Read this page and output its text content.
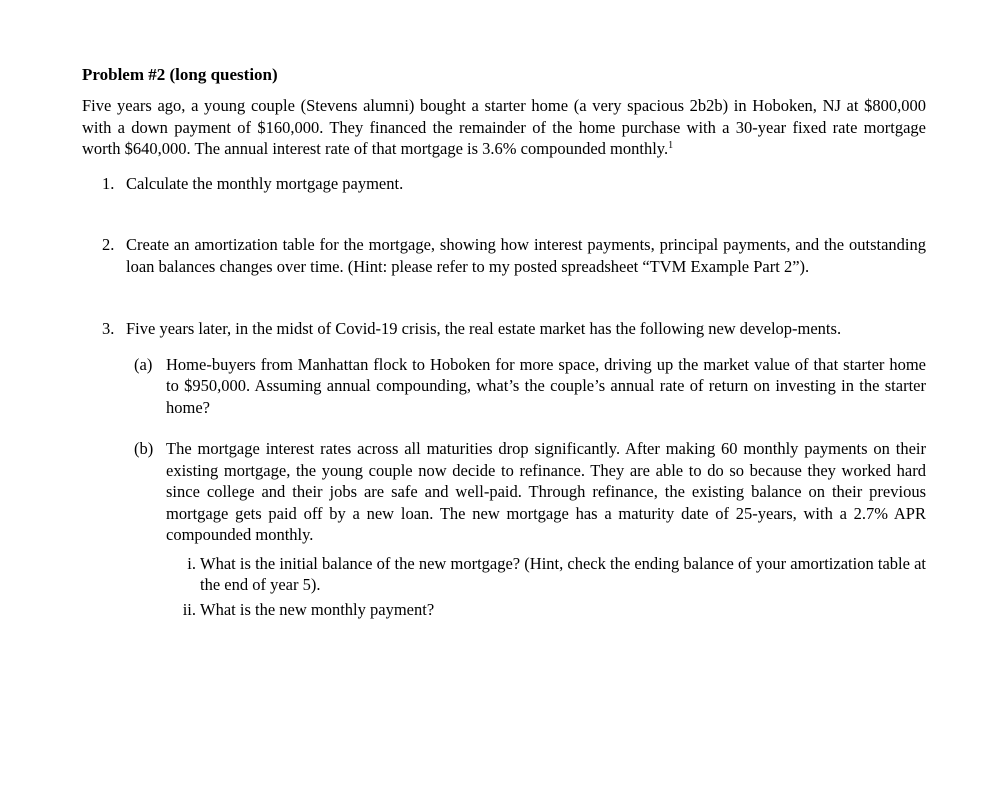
Problem #2 (long question)

Five years ago, a young couple (Stevens alumni) bought a starter home (a very spacious 2b2b) in Hoboken, NJ at $800,000 with a down payment of $160,000. They financed the remainder of the home purchase with a 30-year fixed rate mortgage worth $640,000. The annual interest rate of that mortgage is 3.6% compounded monthly.$^1$

1. Calculate the monthly mortgage payment.
2. Create an amortization table for the mortgage, showing how interest payments, principal payments, and the outstanding loan balances changes over time. (Hint: please refer to my posted spreadsheet “TVM Example Part 2”).
3. Five years later, in the midst of Covid-19 crisis, the real estate market has the following new develop-ments.
(a) Home-buyers from Manhattan flock to Hoboken for more space, driving up the market value of that starter home to $950,000. Assuming annual compounding, what’s the couple’s annual rate of return on investing in the starter home?
(b) The mortgage interest rates across all maturities drop significantly. After making 60 monthly payments on their existing mortgage, the young couple now decide to refinance. They are able to do so because they worked hard since college and their jobs are safe and well-paid. Through refinance, the existing balance on their previous mortgage gets paid off by a new loan. The new mortgage has a maturity date of 25-years, with a 2.7% APR compounded monthly.
i. What is the initial balance of the new mortgage? (Hint, check the ending balance of your amortization table at the end of year 5).
ii. What is the new monthly payment?
